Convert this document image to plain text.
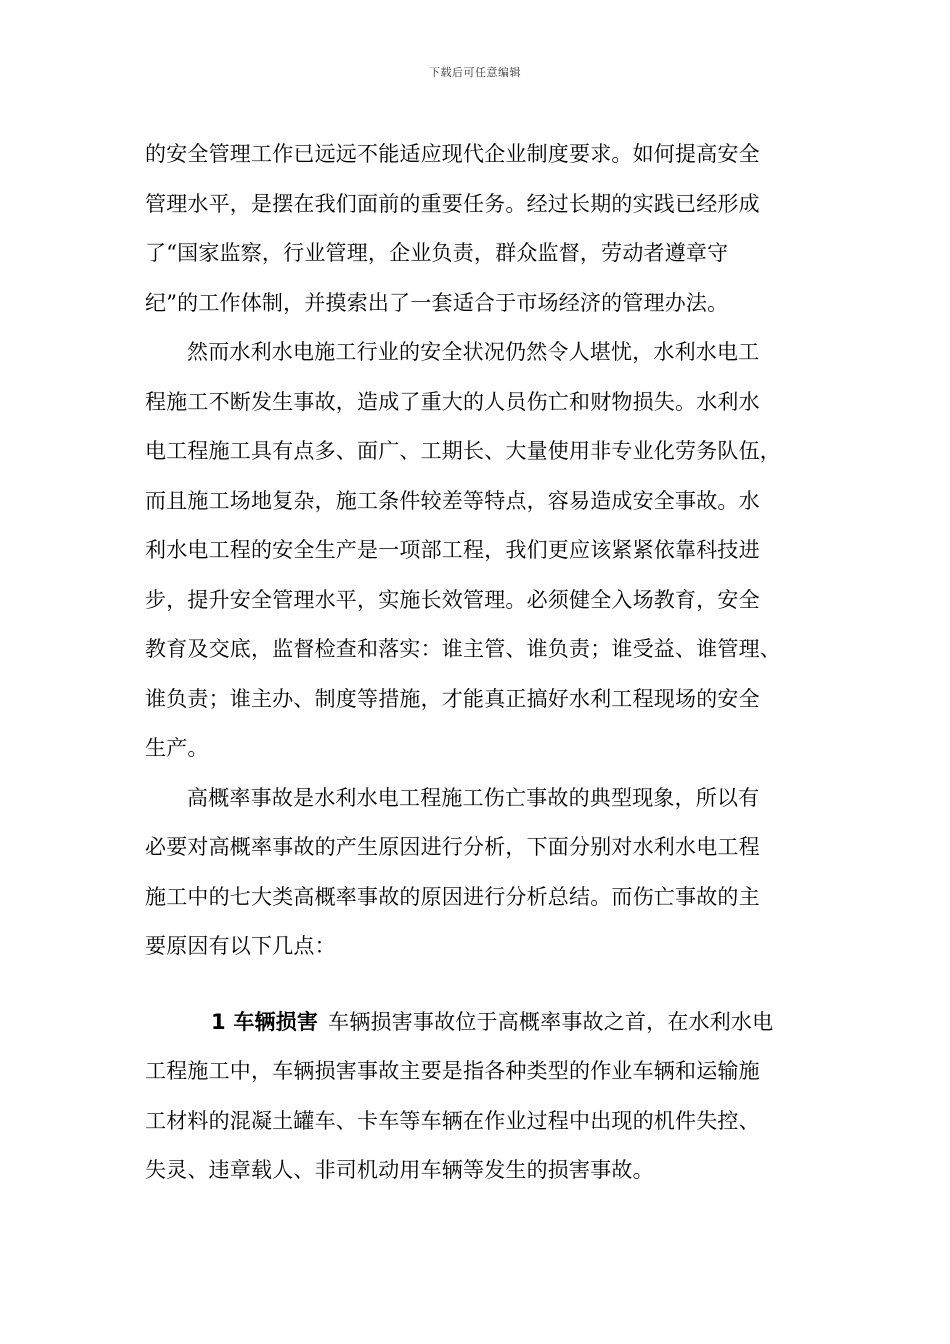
下载后可任意编辑
的安全管理工作已远远不能适应现代企业制度要求。如何提高安全
管理水平，是摆在我们面前的重要任务。经过长期的实践已经形成
了“国家监察，行业管理，企业负责，群众监督，劳动者遵章守
纪”的工作体制，并摸索出了一套适合于市场经济的管理办法。
然而水利水电施工行业的安全状况仍然令人堪忧，水利水电工
程施工不断发生事故，造成了重大的人员伤亡和财物损失。水利水
电工程施工具有点多、面广、工期长、大量使用非专业化劳务队伍，
而且施工场地复杂，施工条件较差等特点，容易造成安全事故。水
利水电工程的安全生产是一项部工程，我们更应该紧紧依靠科技进
步，提升安全管理水平，实施长效管理。必须健全入场教育，安全
教育及交底，监督检查和落实：谁主管、谁负责；谁受益、谁管理、
谁负责；谁主办、制度等措施，才能真正搞好水利工程现场的安全
生产。
高概率事故是水利水电工程施工伤亡事故的典型现象，所以有
必要对高概率事故的产生原因进行分析，下面分别对水利水电工程
施工中的七大类高概率事故的原因进行分析总结。而伤亡事故的主
要原因有以下几点：
1 车辆损害 车辆损害事故位于高概率事故之首，在水利水电
工程施工中，车辆损害事故主要是指各种类型的作业车辆和运输施
工材料的混凝土罐车、卡车等车辆在作业过程中出现的机件失控、
失灵、违章载人、非司机动用车辆等发生的损害事故。
